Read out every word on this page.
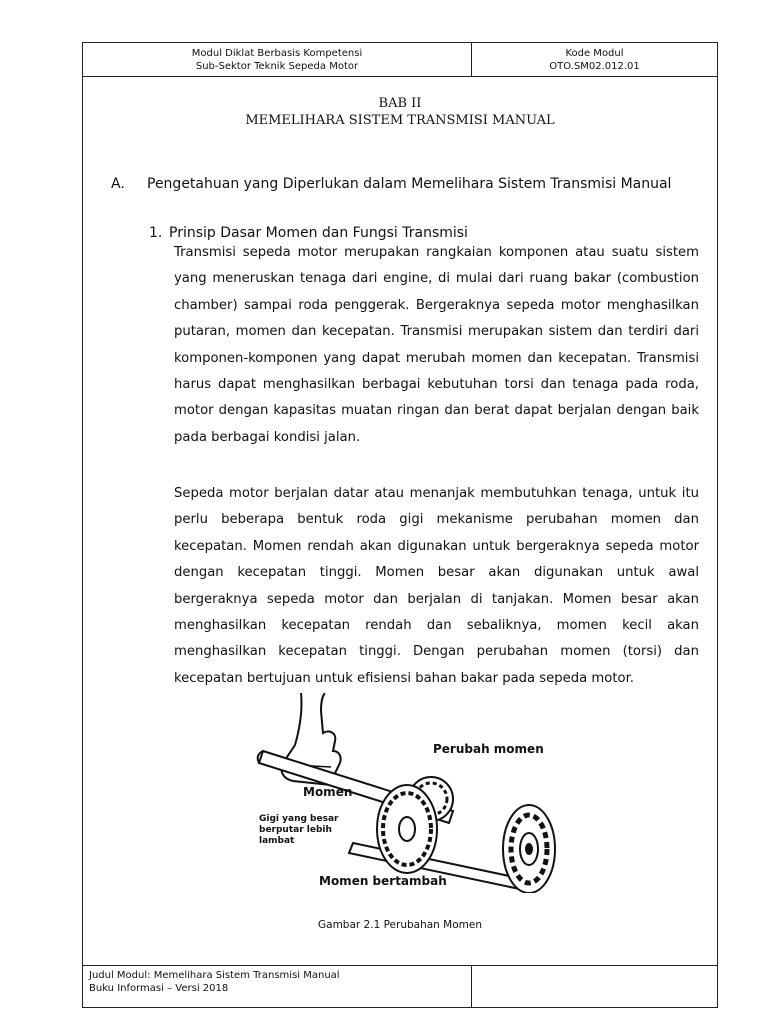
Modul Diklat Berbasis Kompetensi
Sub-Sektor Teknik Sepeda Motor
Kode Modul
OTO.SM02.012.01
BAB II
MEMELIHARA SISTEM TRANSMISI MANUAL
A. Pengetahuan yang Diperlukan dalam Memelihara Sistem Transmisi Manual
1. Prinsip Dasar Momen dan Fungsi Transmisi

Transmisi sepeda motor merupakan rangkaian komponen atau suatu sistem yang meneruskan tenaga dari engine, di mulai dari ruang bakar (combustion chamber) sampai roda penggerak. Bergeraknya sepeda motor menghasilkan putaran, momen dan kecepatan. Transmisi merupakan sistem dan terdiri dari komponen-komponen yang dapat merubah momen dan kecepatan. Transmisi harus dapat menghasilkan berbagai kebutuhan torsi dan tenaga pada roda, motor dengan kapasitas muatan ringan dan berat dapat berjalan dengan baik pada berbagai kondisi jalan.

Sepeda motor berjalan datar atau menanjak membutuhkan tenaga, untuk itu perlu beberapa bentuk roda gigi mekanisme perubahan momen dan kecepatan. Momen rendah akan digunakan untuk bergeraknya sepeda motor dengan kecepatan tinggi. Momen besar akan digunakan untuk awal bergeraknya sepeda motor dan berjalan di tanjakan. Momen besar akan menghasilkan kecepatan rendah dan sebaliknya, momen kecil akan menghasilkan kecepatan tinggi. Dengan perubahan momen (torsi) dan kecepatan bertujuan untuk efisiensi bahan bakar pada sepeda motor.

Perubah momen
Momen
Gigi yang besar
berputar lebih
lambat
Momen bertambah
Gambar 2.1 Perubahan Momen
Judul Modul: Memelihara Sistem Transmisi Manual
Buku Informasi – Versi 2018
